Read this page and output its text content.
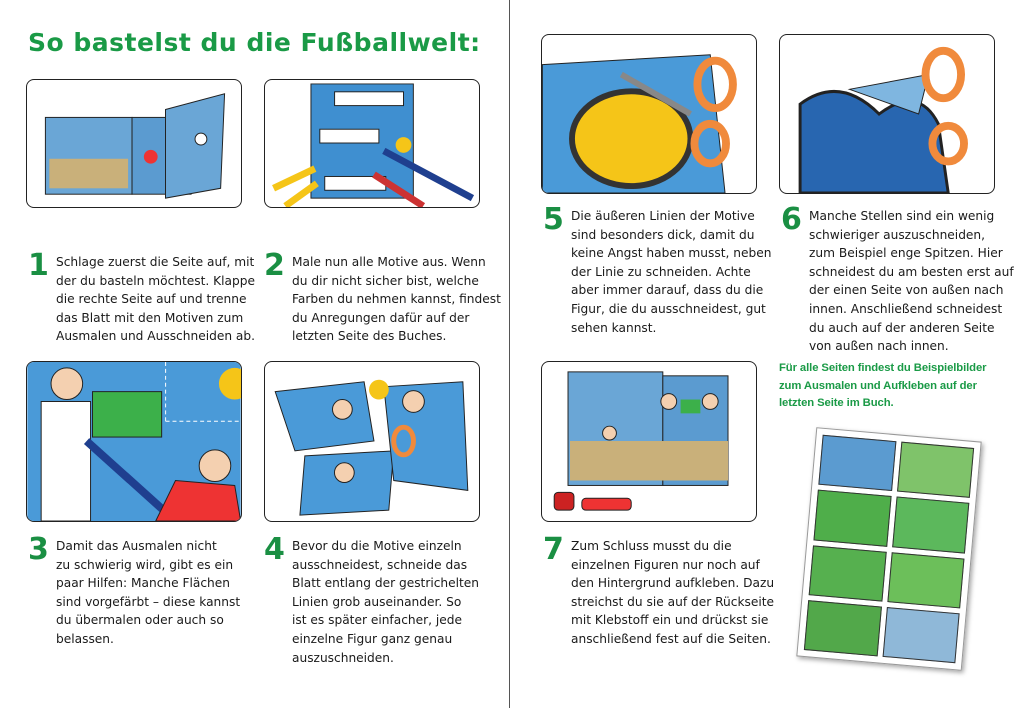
So bastelst du die Fußballwelt:
1 Schlage zuerst die Seite auf, mit
der du basteln möchtest. Klappe
die rechte Seite auf und trenne
das Blatt mit den Motiven zum
Ausmalen und Ausschneiden ab.
2 Male nun alle Motive aus. Wenn
du dir nicht sicher bist, welche
Farben du nehmen kannst, findest
du Anregungen dafür auf der
letzten Seite des Buches.
3 Damit das Ausmalen nicht
zu schwierig wird, gibt es ein
paar Hilfen: Manche Flächen
sind vorgefärbt – diese kannst
du übermalen oder auch so
belassen.
4 Bevor du die Motive einzeln
ausschneidest, schneide das
Blatt entlang der gestrichelten
Linien grob auseinander. So
ist es später einfacher, jede
einzelne Figur ganz genau
auszuschneiden.
5 Die äußeren Linien der Motive
sind besonders dick, damit du
keine Angst haben musst, neben
der Linie zu schneiden. Achte
aber immer darauf, dass du die
Figur, die du ausschneidest, gut
sehen kannst.
6 Manche Stellen sind ein wenig
schwieriger auszuschneiden,
zum Beispiel enge Spitzen. Hier
schneidest du am besten erst auf
der einen Seite von außen nach
innen. Anschließend schneidest
du auch auf der anderen Seite
von außen nach innen.
7 Zum Schluss musst du die
einzelnen Figuren nur noch auf
den Hintergrund aufkleben. Dazu
streichst du sie auf der Rückseite
mit Klebstoff ein und drückst sie
anschließend fest auf die Seiten.
Für alle Seiten findest du Beispielbilder
zum Ausmalen und Aufkleben auf der
letzten Seite im Buch.
